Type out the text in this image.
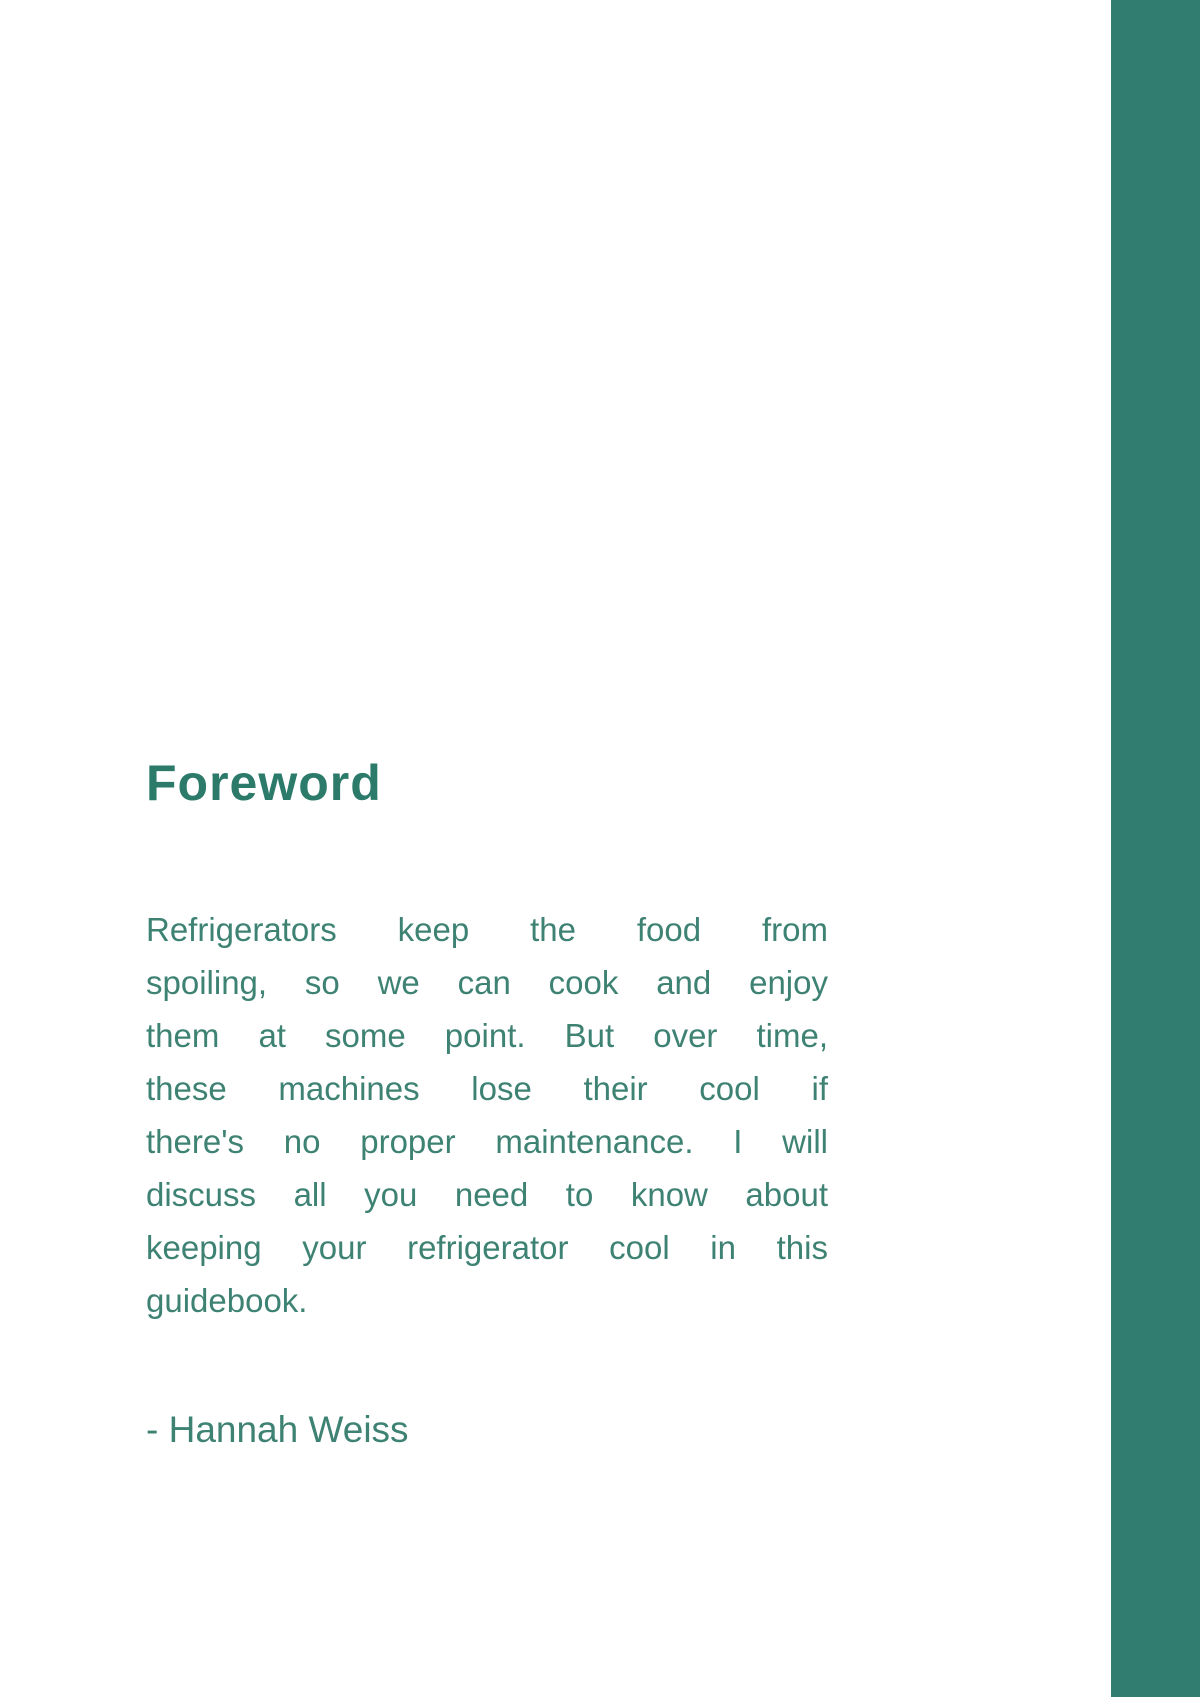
Foreword
Refrigerators keep the food from
spoiling, so we can cook and enjoy
them at some point. But over time,
these machines lose their cool if
there's no proper maintenance. I will
discuss all you need to know about
keeping your refrigerator cool in this
guidebook.
- Hannah Weiss
